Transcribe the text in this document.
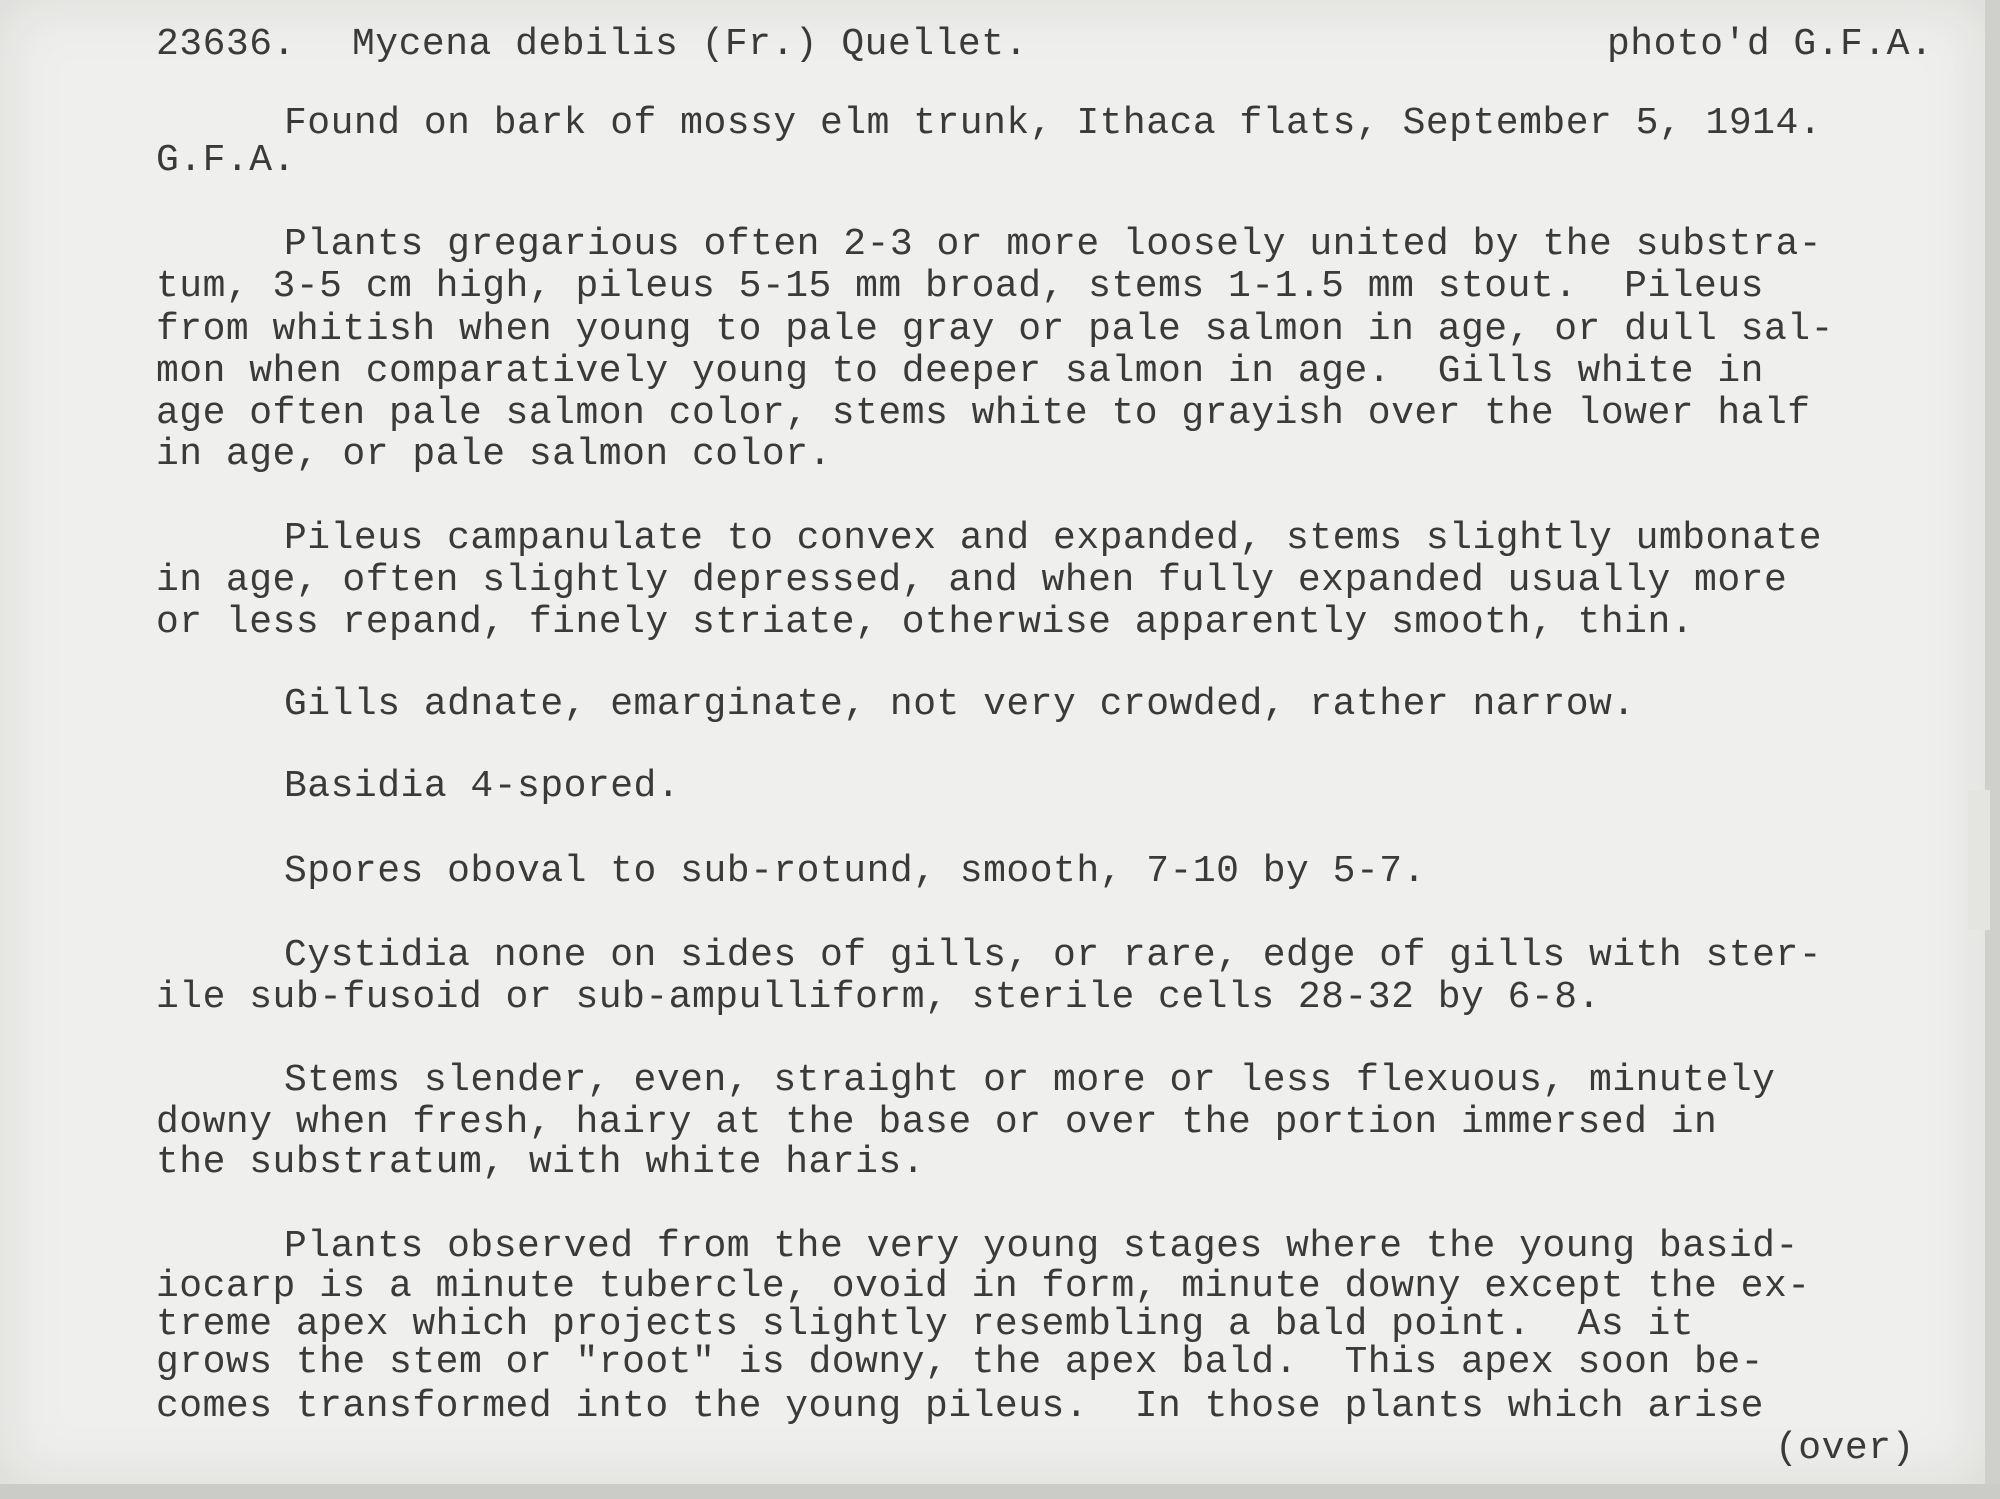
23636. Mycena debilis (Fr.) Quellet.	photo'd G.F.A.
Found on bark of mossy elm trunk, Ithaca flats, September 5, 1914.
G.F.A.
Plants gregarious often 2-3 or more loosely united by the substra-
tum, 3-5 cm high, pileus 5-15 mm broad, stems 1-1.5 mm stout.  Pileus
from whitish when young to pale gray or pale salmon in age, or dull sal-
mon when comparatively young to deeper salmon in age.  Gills white in
age often pale salmon color, stems white to grayish over the lower half
in age, or pale salmon color.
Pileus campanulate to convex and expanded, stems slightly umbonate
in age, often slightly depressed, and when fully expanded usually more
or less repand, finely striate, otherwise apparently smooth, thin.
Gills adnate, emarginate, not very crowded, rather narrow.
Basidia 4-spored.
Spores oboval to sub-rotund, smooth, 7-10 by 5-7.
Cystidia none on sides of gills, or rare, edge of gills with ster-
ile sub-fusoid or sub-ampulliform, sterile cells 28-32 by 6-8.
Stems slender, even, straight or more or less flexuous, minutely
downy when fresh, hairy at the base or over the portion immersed in
the substratum, with white haris.
Plants observed from the very young stages where the young basid-
iocarp is a minute tubercle, ovoid in form, minute downy except the ex-
treme apex which projects slightly resembling a bald point.  As it
grows the stem or "root" is downy, the apex bald.  This apex soon be-
comes transformed into the young pileus.  In those plants which arise
(over)
